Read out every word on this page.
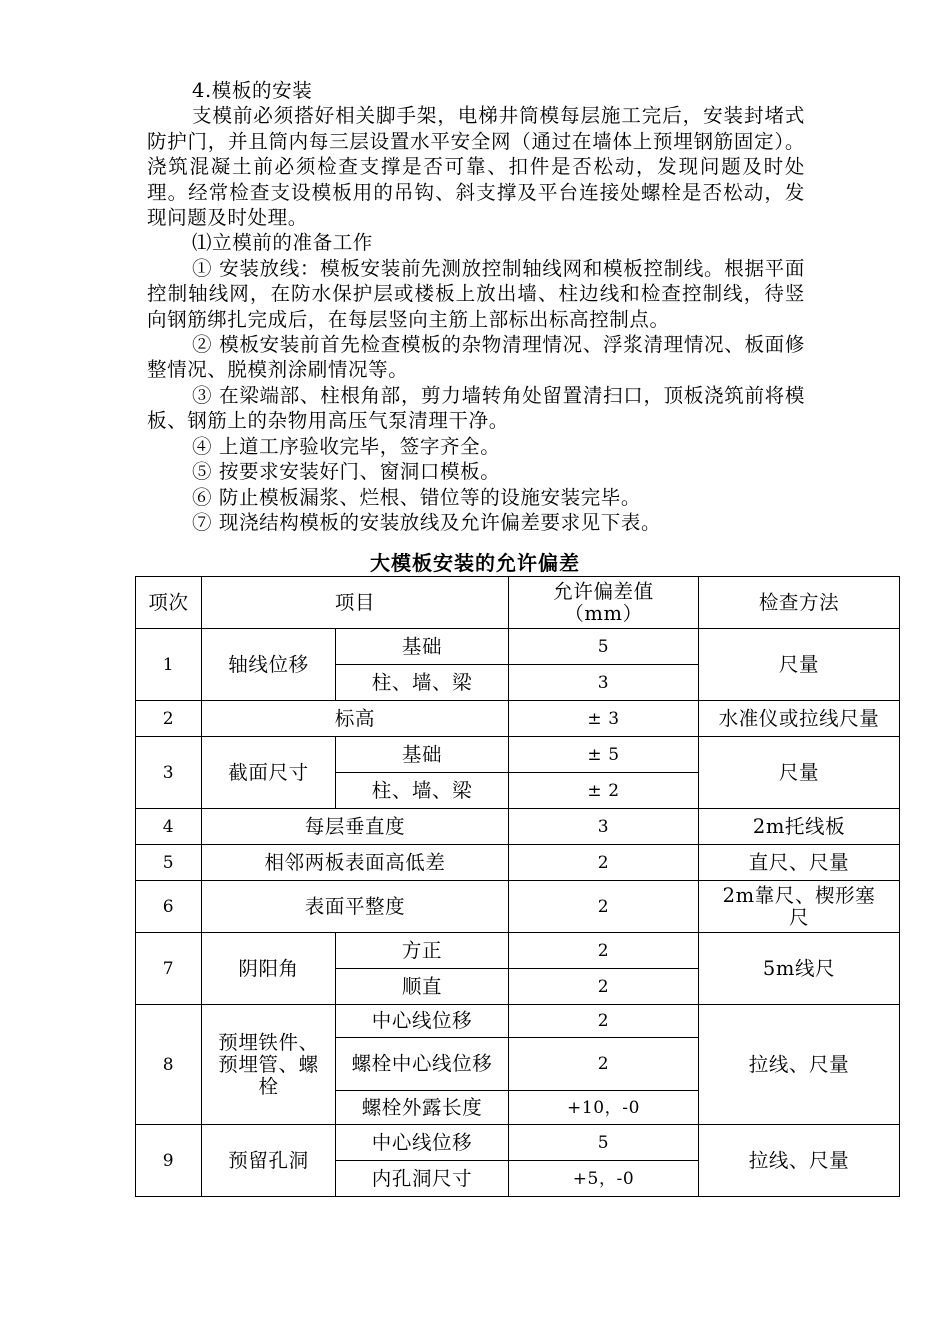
4.模板的安装

支模前必须搭好相关脚手架，电梯井筒模每层施工完后，安装封堵式防护门，并且筒内每三层设置水平安全网（通过在墙体上预埋钢筋固定）。浇筑混凝土前必须检查支撑是否可靠、扣件是否松动，发现问题及时处理。经常检查支设模板用的吊钩、斜支撑及平台连接处螺栓是否松动，发现问题及时处理。

⑴立模前的准备工作

① 安装放线：模板安装前先测放控制轴线网和模板控制线。根据平面控制轴线网，在防水保护层或楼板上放出墙、柱边线和检查控制线，待竖向钢筋绑扎完成后，在每层竖向主筋上部标出标高控制点。

② 模板安装前首先检查模板的杂物清理情况、浮浆清理情况、板面修整情况、脱模剂涂刷情况等。

③ 在梁端部、柱根角部，剪力墙转角处留置清扫口，顶板浇筑前将模板、钢筋上的杂物用高压气泵清理干净。

④ 上道工序验收完毕，签字齐全。

⑤ 按要求安装好门、窗洞口模板。

⑥ 防止模板漏浆、烂根、错位等的设施安装完毕。

⑦ 现浇结构模板的安装放线及允许偏差要求见下表。

大模板安装的允许偏差
项次	项目		允许偏差值（mm）	检查方法
1	轴线位移	基础	5	尺量
		柱、墙、梁	3	
2	标高		± 3	水准仪或拉线尺量
3	截面尺寸	基础	± 5	尺量
		柱、墙、梁	± 2	
4	每层垂直度		3	2m托线板
5	相邻两板表面高低差		2	直尺、尺量
6	表面平整度		2	2m靠尺、楔形塞尺
7	阴阳角	方正	2	5m线尺
		顺直	2	
8	预埋铁件、预埋管、螺栓	中心线位移	2	拉线、尺量
		螺栓中心线位移	2	
		螺栓外露长度	+10，-0	
9	预留孔洞	中心线位移	5	拉线、尺量
		内孔洞尺寸	+5，-0	
